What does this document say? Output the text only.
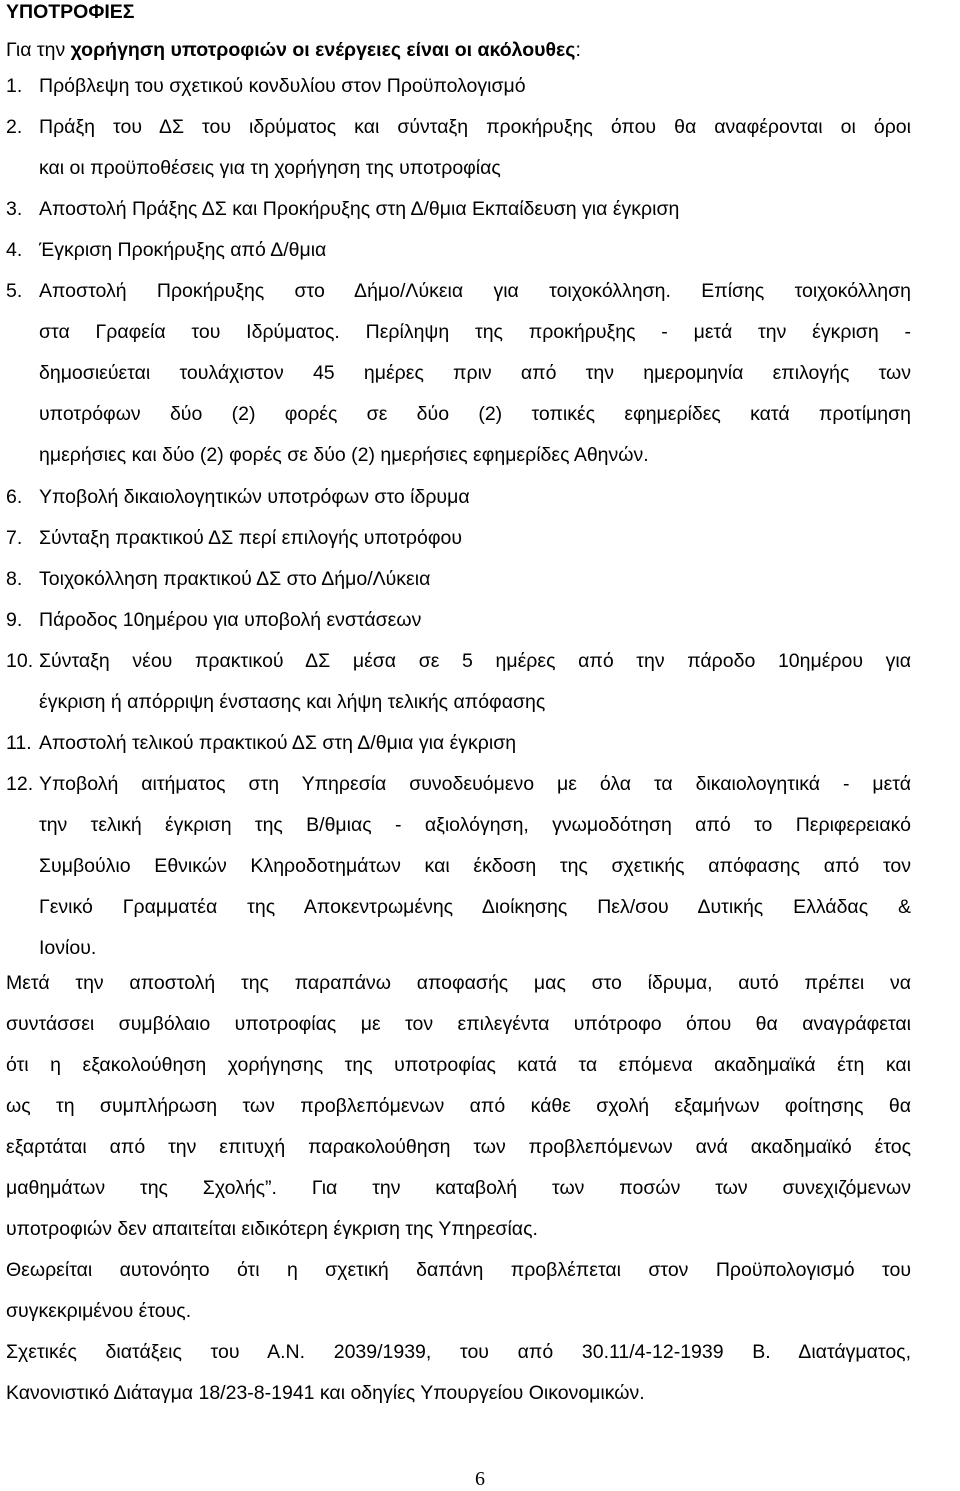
ΥΠΟΤΡΟΦΙΕΣ
Για την χορήγηση υποτροφιών οι ενέργειες είναι οι ακόλουθες:
1. Πρόβλεψη του σχετικού κονδυλίου στον Προϋπολογισμό
2. Πράξη του ΔΣ του ιδρύματος και σύνταξη προκήρυξης όπου θα αναφέρονται οι όροι
και οι προϋποθέσεις για τη χορήγηση της υποτροφίας
3. Αποστολή Πράξης ΔΣ και Προκήρυξης στη Δ/θμια Εκπαίδευση για έγκριση
4. Έγκριση Προκήρυξης από Δ/θμια
5. Αποστολή Προκήρυξης στο Δήμο/Λύκεια για τοιχοκόλληση. Επίσης τοιχοκόλληση
στα Γραφεία του Ιδρύματος. Περίληψη της προκήρυξης - μετά την έγκριση -
δημοσιεύεται τουλάχιστον 45 ημέρες πριν από την ημερομηνία επιλογής των
υποτρόφων δύο (2) φορές σε δύο (2) τοπικές εφημερίδες κατά προτίμηση
ημερήσιες και δύο (2) φορές σε δύο (2) ημερήσιες εφημερίδες Αθηνών.
6. Υποβολή δικαιολογητικών υποτρόφων στο ίδρυμα
7. Σύνταξη πρακτικού ΔΣ περί επιλογής υποτρόφου
8. Τοιχοκόλληση πρακτικού ΔΣ στο Δήμο/Λύκεια
9. Πάροδος 10ημέρου για υποβολή ενστάσεων
10. Σύνταξη νέου πρακτικού ΔΣ μέσα σε 5 ημέρες από την πάροδο 10ημέρου για
έγκριση ή απόρριψη ένστασης και λήψη τελικής απόφασης
11. Αποστολή τελικού πρακτικού ΔΣ στη Δ/θμια για έγκριση
12. Υποβολή αιτήματος στη Υπηρεσία συνοδευόμενο με όλα τα δικαιολογητικά - μετά
την τελική έγκριση της Β/θμιας - αξιολόγηση, γνωμοδότηση από το Περιφερειακό
Συμβούλιο Εθνικών Κληροδοτημάτων και έκδοση της σχετικής απόφασης από τον
Γενικό Γραμματέα της Αποκεντρωμένης Διοίκησης Πελ/σου Δυτικής Ελλάδας &
Ιονίου.
Μετά την αποστολή της παραπάνω αποφασής μας στο ίδρυμα, αυτό πρέπει να
συντάσσει συμβόλαιο υποτροφίας με τον επιλεγέντα υπότροφο όπου θα αναγράφεται
ότι η εξακολούθηση χορήγησης της υποτροφίας κατά τα επόμενα ακαδημαϊκά έτη και
ως τη συμπλήρωση των προβλεπόμενων από κάθε σχολή εξαμήνων φοίτησης θα
εξαρτάται από την επιτυχή παρακολούθηση των προβλεπόμενων ανά ακαδημαϊκό έτος
μαθημάτων της Σχολής”. Για την καταβολή των ποσών των συνεχιζόμενων
υποτροφιών δεν απαιτείται ειδικότερη έγκριση της Υπηρεσίας.
Θεωρείται αυτονόητο ότι η σχετική δαπάνη προβλέπεται στον Προϋπολογισμό του
συγκεκριμένου έτους.
Σχετικές διατάξεις του Α.Ν. 2039/1939, του από 30.11/4-12-1939 Β. Διατάγματος,
Κανονιστικό Διάταγμα 18/23-8-1941 και οδηγίες Υπουργείου Οικονομικών.
6
